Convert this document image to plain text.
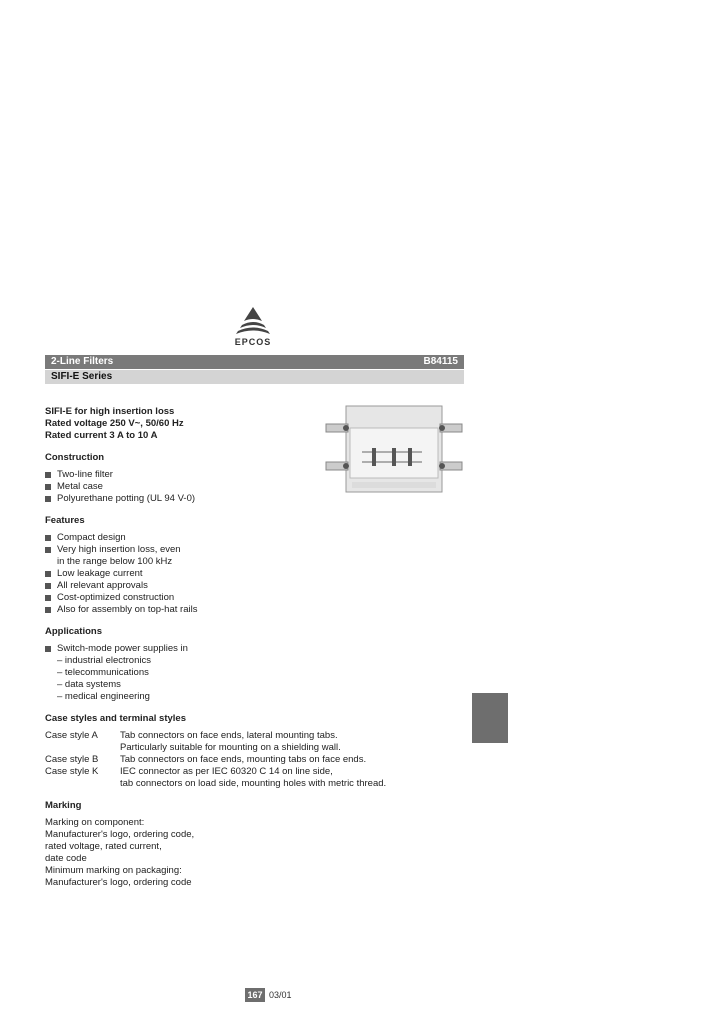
EPCOS
2-Line Filters	B84115
SIFI-E Series
SIFI-E for high insertion loss
Rated voltage 250 V~, 50/60 Hz
Rated current 3 A to 10 A
Construction
Two-line filter
Metal case
Polyurethane potting (UL 94 V-0)
Features
Compact design
Very high insertion loss, even
in the range below 100 kHz
Low leakage current
All relevant approvals
Cost-optimized construction
Also for assembly on top-hat rails
Applications
Switch-mode power supplies in
– industrial electronics
– telecommunications
– data systems
– medical engineering
Case styles and terminal styles
Case style A	Tab connectors on face ends, lateral mounting tabs.
Particularly suitable for mounting on a shielding wall.
Case style B	Tab connectors on face ends, mounting tabs on face ends.
Case style K	IEC connector as per IEC 60320 C 14 on line side,
tab connectors on load side, mounting holes with metric thread.
Marking
Marking on component:
Manufacturer's logo, ordering code,
rated voltage, rated current,
date code
Minimum marking on packaging:
Manufacturer's logo, ordering code
167 03/01
